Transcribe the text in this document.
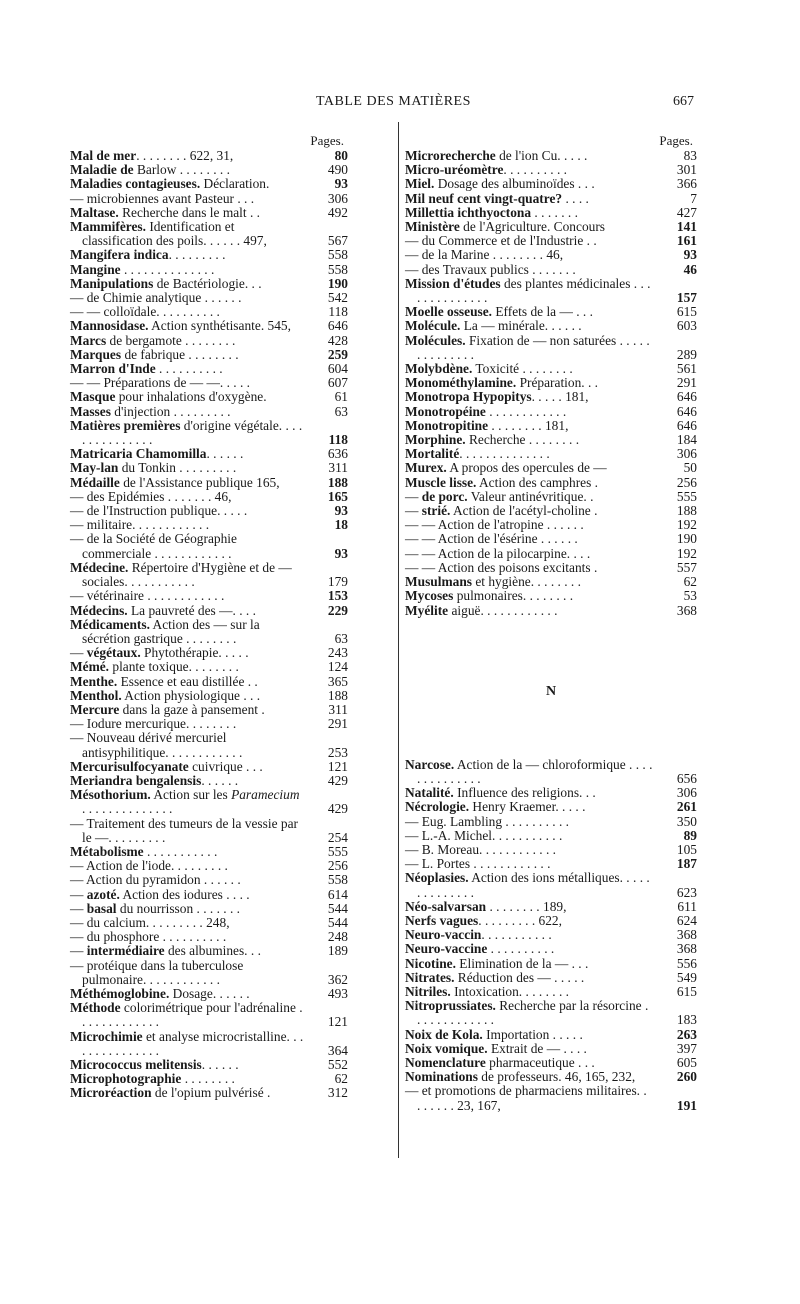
TABLE DES MATIÈRES	667
Pages.
Mal de mer. . . . . . . . 622, 31,	80
Maladie de Barlow . . . . . . . .	490
Maladies contagieuses. Déclaration.	93
— microbiennes avant Pasteur . . .	306
Maltase. Recherche dans le malt . .	492
Mammifères. Identification et classification des poils. . . . . . 497,	567
Mangifera indica. . . . . . . . .	558
Mangine . . . . . . . . . . . . . .	558
Manipulations de Bactériologie. . .	190
— de Chimie analytique . . . . . .	542
— — colloïdale. . . . . . . . . .	118
Mannosidase. Action synthétisante. 545,	646
Marcs de bergamote . . . . . . . .	428
Marques de fabrique . . . . . . . .	259
Marron d'Inde . . . . . . . . . .	604
— — Préparations de — —. . . . .	607
Masque pour inhalations d'oxygène.	61
Masses d'injection . . . . . . . . .	63
Matières premières d'origine végétale. . . . . . . . . . . . . . .	118
Matricaria Chamomilla. . . . . .	636
May-lan du Tonkin . . . . . . . . .	311
Médaille de l'Assistance publique 165,	188
— des Epidémies . . . . . . . 46,	165
— de l'Instruction publique. . . . .	93
— militaire. . . . . . . . . . . .	18
— de la Société de Géographie commerciale . . . . . . . . . . . .	93
Médecine. Répertoire d'Hygiène et de — sociales. . . . . . . . . . .	179
— vétérinaire . . . . . . . . . . . .	153
Médecins. La pauvreté des —. . . .	229
Médicaments. Action des — sur la sécrétion gastrique . . . . . . . .	63
— végétaux. Phytothérapie. . . . .	243
Mémé. plante toxique. . . . . . . .	124
Menthe. Essence et eau distillée . .	365
Menthol. Action physiologique . . .	188
Mercure dans la gaze à pansement .	311
— Iodure mercurique. . . . . . . .	291
— Nouveau dérivé mercuriel antisyphilitique. . . . . . . . . . . .	253
Mercurisulfocyanate cuivrique . . .	121
Meriandra bengalensis. . . . . .	429
Mésothorium. Action sur les Paramecium . . . . . . . . . . . . . .	429
— Traitement des tumeurs de la vessie par le —. . . . . . . . .	254
Métabolisme . . . . . . . . . . .	555
— Action de l'iode. . . . . . . . .	256
— Action du pyramidon . . . . . .	558
— azoté. Action des iodures . . . .	614
— basal du nourrisson . . . . . . .	544
— du calcium. . . . . . . . . 248,	544
— du phosphore . . . . . . . . . .	248
— intermédiaire des albumines. . .	189
— protéique dans la tuberculose pulmonaire. . . . . . . . . . . .	362
Méthémoglobine. Dosage. . . . . .	493
Méthode colorimétrique pour l'adrénaline . . . . . . . . . . . . .	121
Microchimie et analyse microcristalline. . . . . . . . . . . . . . .	364
Micrococcus melitensis. . . . . .	552
Microphotographie . . . . . . . .	62
Microréaction de l'opium pulvérisé .	312
Pages.
Microrecherche de l'ion Cu. . . . .	83
Micro-uréomètre. . . . . . . . . .	301
Miel. Dosage des albuminoïdes . . .	366
Mil neuf cent vingt-quatre? . . . .	7
Millettia ichthyoctona . . . . . . .	427
Ministère de l'Agriculture. Concours	141
— du Commerce et de l'Industrie . .	161
— de la Marine . . . . . . . . 46,	93
— des Travaux publics . . . . . . .	46
Mission d'études des plantes médicinales . . . . . . . . . . . . . .	157
Moelle osseuse. Effets de la — . . .	615
Molécule. La — minérale. . . . . .	603
Molécules. Fixation de — non saturées . . . . . . . . . . . . . .	289
Molybdène. Toxicité . . . . . . . .	561
Monométhylamine. Préparation. . .	291
Monotropa Hypopitys. . . . . 181,	646
Monotropéine . . . . . . . . . . . .	646
Monotropitine . . . . . . . . 181,	646
Morphine. Recherche . . . . . . . .	184
Mortalité. . . . . . . . . . . . . .	306
Murex. A propos des opercules de —	50
Muscle lisse. Action des camphres .	256
— de porc. Valeur antinévritique. .	555
— strié. Action de l'acétyl-choline .	188
— — Action de l'atropine . . . . . .	192
— — Action de l'ésérine . . . . . .	190
— — Action de la pilocarpine. . . .	192
— — Action des poisons excitants .	557
Musulmans et hygiène. . . . . . . .	62
Mycoses pulmonaires. . . . . . . .	53
Myélite aiguë. . . . . . . . . . . .	368
N
Narcose. Action de la — chloroformique . . . . . . . . . . . . . .	656
Natalité. Influence des religions. . .	306
Nécrologie. Henry Kraemer. . . . .	261
— Eug. Lambling . . . . . . . . . .	350
— L.-A. Michel. . . . . . . . . . .	89
— B. Moreau. . . . . . . . . . . .	105
— L. Portes . . . . . . . . . . . .	187
Néoplasies. Action des ions métalliques. . . . . . . . . . . . . .	623
Néo-salvarsan . . . . . . . . 189,	611
Nerfs vagues. . . . . . . . . 622,	624
Neuro-vaccin. . . . . . . . . . .	368
Neuro-vaccine . . . . . . . . . .	368
Nicotine. Elimination de la — . . .	556
Nitrates. Réduction des — . . . . .	549
Nitriles. Intoxication. . . . . . . .	615
Nitroprussiates. Recherche par la résorcine . . . . . . . . . . . . .	183
Noix de Kola. Importation . . . . .	263
Noix vomique. Extrait de — . . . .	397
Nomenclature pharmaceutique . . .	605
Nominations de professeurs. 46, 165, 232,	260
— et promotions de pharmaciens militaires. . . . . . . . 23, 167,	191
